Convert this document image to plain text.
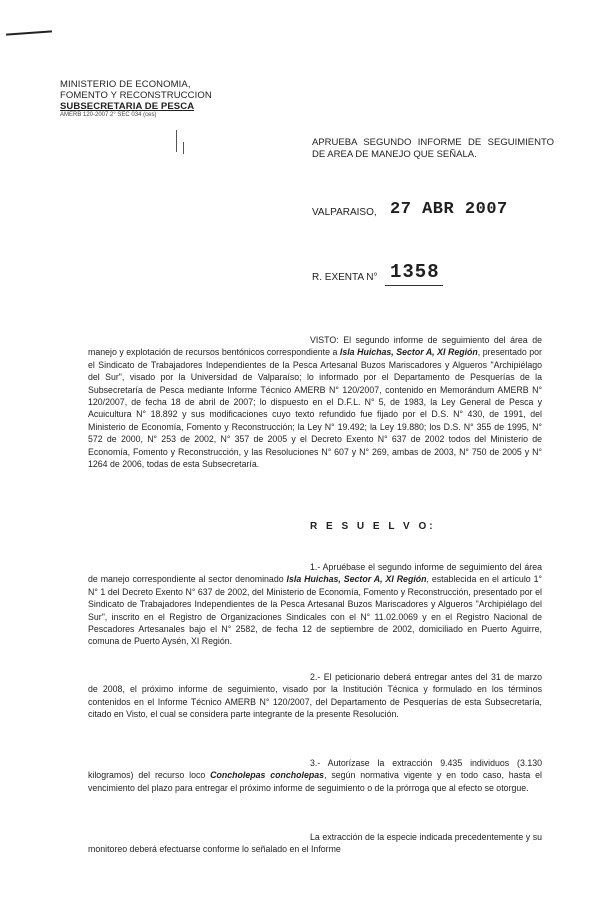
MINISTERIO DE ECONOMIA,
FOMENTO Y RECONSTRUCCION
SUBSECRETARIA DE PESCA
AMERB 120-2007 2° SEC 034 (ces)
APRUEBA SEGUNDO INFORME DE SEGUIMIENTO DE AREA DE MANEJO QUE SEÑALA.
VALPARAISO, 27 ABR 2007
R. EXENTA N° 1358
VISTO: El segundo informe de seguimiento del área de manejo y explotación de recursos bentónicos correspondiente a Isla Huichas, Sector A, XI Región, presentado por el Sindicato de Trabajadores Independientes de la Pesca Artesanal Buzos Mariscadores y Algueros "Archipiélago del Sur", visado por la Universidad de Valparaíso; lo informado por el Departamento de Pesquerías de la Subsecretaría de Pesca mediante Informe Técnico AMERB N° 120/2007, contenido en Memorándum AMERB N° 120/2007, de fecha 18 de abril de 2007; lo dispuesto en el D.F.L. N° 5, de 1983, la Ley General de Pesca y Acuicultura N° 18.892 y sus modificaciones cuyo texto refundido fue fijado por el D.S. N° 430, de 1991, del Ministerio de Economía, Fomento y Reconstrucción; la Ley N° 19.492; la Ley 19.880; los D.S. N° 355 de 1995, N° 572 de 2000, N° 253 de 2002, N° 357 de 2005 y el Decreto Exento N° 637 de 2002 todos del Ministerio de Economía, Fomento y Reconstrucción, y las Resoluciones N° 607 y N° 269, ambas de 2003, N° 750 de 2005 y N° 1264 de 2006, todas de esta Subsecretaría.
R E S U E L V O:
1.- Apruébase el segundo informe de seguimiento del área de manejo correspondiente al sector denominado Isla Huichas, Sector A, XI Región, establecida en el artículo 1° N° 1 del Decreto Exento N° 637 de 2002, del Ministerio de Economía, Fomento y Reconstrucción, presentado por el Sindicato de Trabajadores Independientes de la Pesca Artesanal Buzos Mariscadores y Algueros "Archipiélago del Sur", inscrito en el Registro de Organizaciones Sindicales con el N° 11.02.0069 y en el Registro Nacional de Pescadores Artesanales bajo el N° 2582, de fecha 12 de septiembre de 2002, domiciliado en Puerto Aguirre, comuna de Puerto Aysén, XI Región.
2.- El peticionario deberá entregar antes del 31 de marzo de 2008, el próximo informe de seguimiento, visado por la Institución Técnica y formulado en los términos contenidos en el Informe Técnico AMERB N° 120/2007, del Departamento de Pesquerías de esta Subsecretaría, citado en Visto, el cual se considera parte integrante de la presente Resolución.
3.- Autorízase la extracción 9.435 individuos (3.130 kilogramos) del recurso loco Concholepas concholepas, según normativa vigente y en todo caso, hasta el vencimiento del plazo para entregar el próximo informe de seguimiento o de la prórroga que al efecto se otorgue.
La extracción de la especie indicada precedentemente y su monitoreo deberá efectuarse conforme lo señalado en el Informe
